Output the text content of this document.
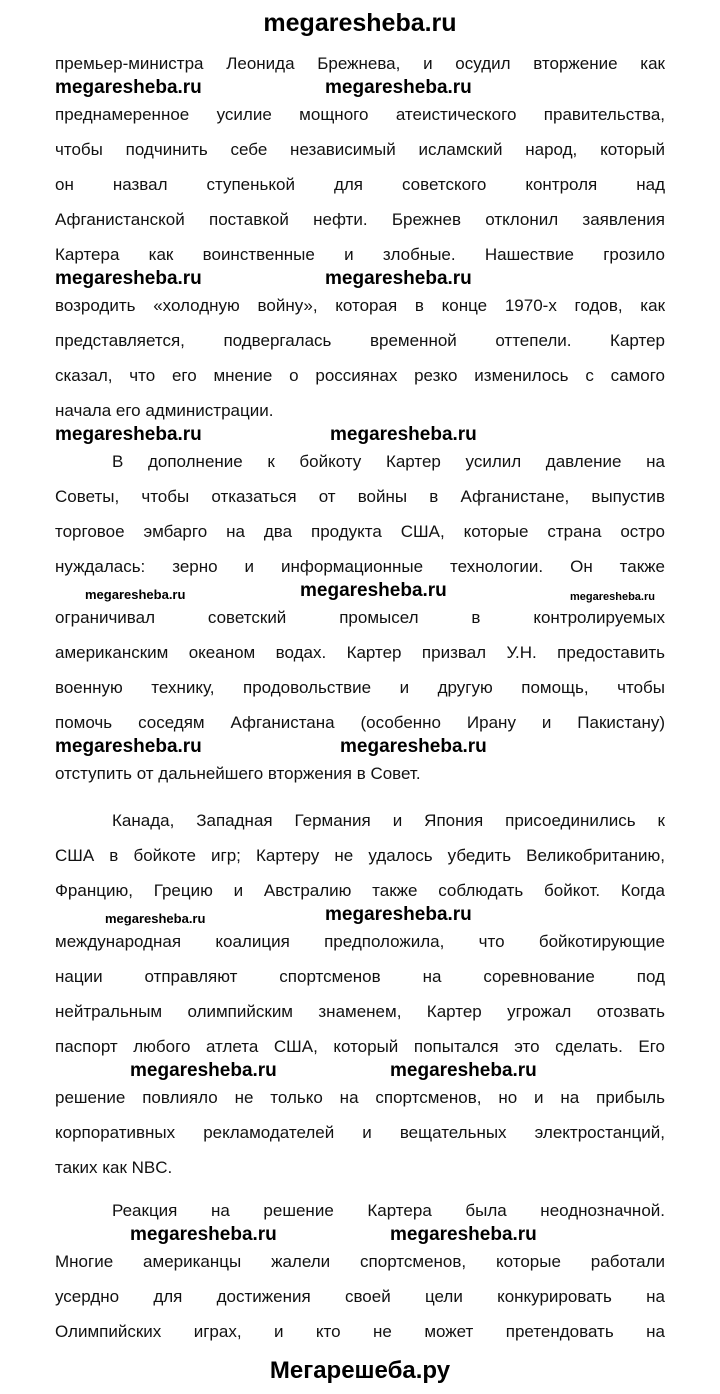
megaresheba.ru
премьер-министра Леонида Брежнева, и осудил вторжение как
megaresheba.ru	megaresheba.ru
преднамеренное усилие мощного атеистического правительства,
чтобы подчинить себе независимый исламский народ, который
он назвал ступенькой для советского контроля над
Афганистанской поставкой нефти. Брежнев отклонил заявления
Картера как воинственные и злобные. Нашествие грозило
megaresheba.ru	megaresheba.ru
возродить «холодную войну», которая в конце 1970-х годов, как
представляется, подвергалась временной оттепели. Картер
сказал, что его мнение о россиянах резко изменилось с самого
начала его администрации.
megaresheba.ru	megaresheba.ru
В дополнение к бойкоту Картер усилил давление на
Советы, чтобы отказаться от войны в Афганистане, выпустив
торговое эмбарго на два продукта США, которые страна остро
нуждалась: зерно и информационные технологии. Он также
megaresheba.ru	megaresheba.ru	megaresheba.ru
ограничивал советский промысел в контролируемых
американским океаном водах. Картер призвал У.Н. предоставить
военную технику, продовольствие и другую помощь, чтобы
помочь соседям Афганистана (особенно Ирану и Пакистану)
megaresheba.ru	megaresheba.ru
отступить от дальнейшего вторжения в Совет.
Канада, Западная Германия и Япония присоединились к
США в бойкоте игр; Картеру не удалось убедить Великобританию,
Францию, Грецию и Австралию также соблюдать бойкот. Когда
megaresheba.ru	megaresheba.ru
международная коалиция предположила, что бойкотирующие
нации отправляют спортсменов на соревнование под
нейтральным олимпийским знаменем, Картер угрожал отозвать
паспорт любого атлета США, который попытался это сделать. Его
megaresheba.ru	megaresheba.ru
решение повлияло не только на спортсменов, но и на прибыль
корпоративных рекламодателей и вещательных электростанций,
таких как NBC.
Реакция на решение Картера была неоднозначной.
megaresheba.ru	megaresheba.ru
Многие американцы жалели спортсменов, которые работали
усердно для достижения своей цели конкурировать на
Олимпийских играх, и кто не может претендовать на
Мегарешеба.ру
